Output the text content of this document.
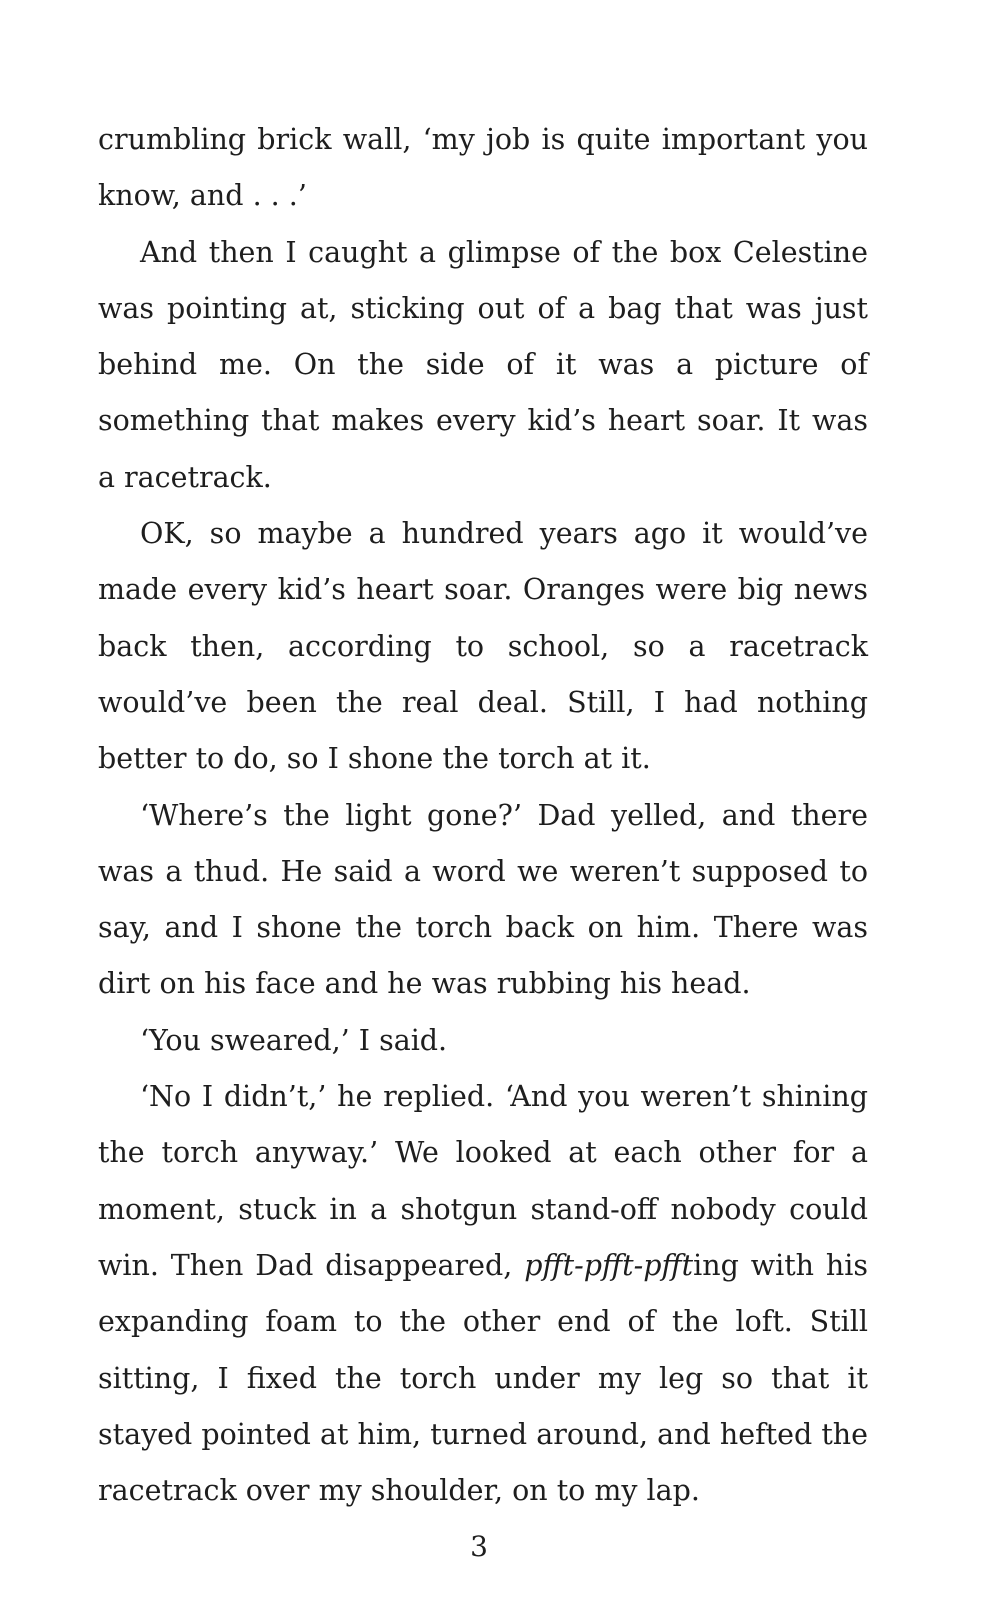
crumbling brick wall, ‘my job is quite important you know, and . . .’

And then I caught a glimpse of the box Celestine was pointing at, sticking out of a bag that was just behind me. On the side of it was a picture of something that makes every kid’s heart soar. It was a racetrack.

OK, so maybe a hundred years ago it would’ve made every kid’s heart soar. Oranges were big news back then, according to school, so a racetrack would’ve been the real deal. Still, I had nothing better to do, so I shone the torch at it.

‘Where’s the light gone?’ Dad yelled, and there was a thud. He said a word we weren’t supposed to say, and I shone the torch back on him. There was dirt on his face and he was rubbing his head.

‘You sweared,’ I said.

‘No I didn’t,’ he replied. ‘And you weren’t shining the torch anyway.’ We looked at each other for a moment, stuck in a shotgun stand-off nobody could win. Then Dad disappeared, pfft-pfft-pffting with his expanding foam to the other end of the loft. Still sitting, I fixed the torch under my leg so that it stayed pointed at him, turned around, and hefted the racetrack over my shoulder, on to my lap.

3
